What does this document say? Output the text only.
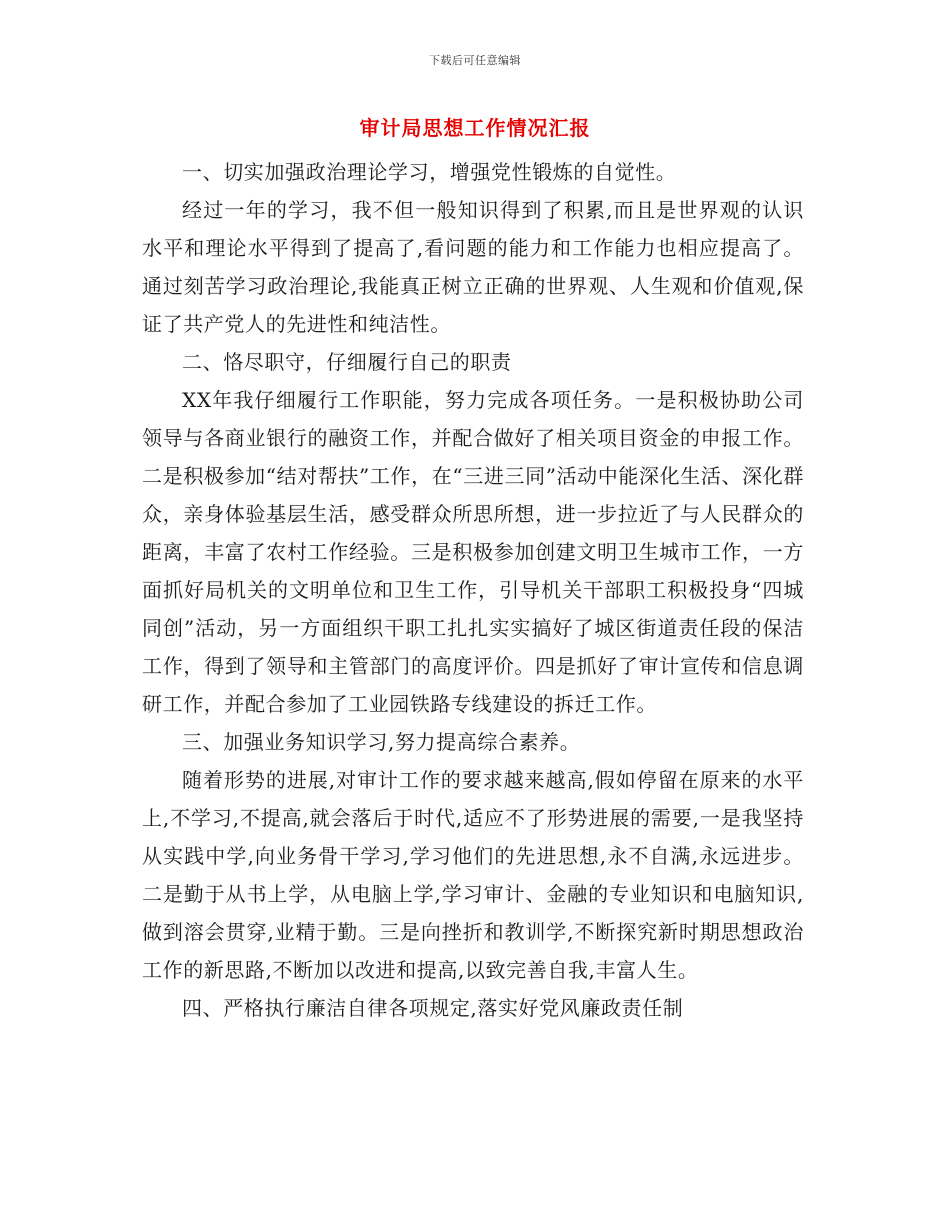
下载后可任意编辑
审计局思想工作情况汇报

一、切实加强政治理论学习，增强党性锻炼的自觉性。

经过一年的学习，我不但一般知识得到了积累,而且是世界观的认识水平和理论水平得到了提高了,看问题的能力和工作能力也相应提高了。通过刻苦学习政治理论,我能真正树立正确的世界观、人生观和价值观,保证了共产党人的先进性和纯洁性。

二、恪尽职守，仔细履行自己的职责

XX年我仔细履行工作职能，努力完成各项任务。一是积极协助公司领导与各商业银行的融资工作，并配合做好了相关项目资金的申报工作。二是积极参加“结对帮扶”工作，在“三进三同”活动中能深化生活、深化群众，亲身体验基层生活，感受群众所思所想，进一步拉近了与人民群众的距离，丰富了农村工作经验。三是积极参加创建文明卫生城市工作，一方面抓好局机关的文明单位和卫生工作，引导机关干部职工积极投身“四城同创”活动，另一方面组织干职工扎扎实实搞好了城区街道责任段的保洁工作，得到了领导和主管部门的高度评价。四是抓好了审计宣传和信息调研工作，并配合参加了工业园铁路专线建设的拆迁工作。

三、加强业务知识学习,努力提高综合素养。

随着形势的进展,对审计工作的要求越来越高,假如停留在原来的水平上,不学习,不提高,就会落后于时代,适应不了形势进展的需要,一是我坚持从实践中学,向业务骨干学习,学习他们的先进思想,永不自满,永远进步。二是勤于从书上学，从电脑上学,学习审计、金融的专业知识和电脑知识,做到溶会贯穿,业精于勤。三是向挫折和教训学,不断探究新时期思想政治工作的新思路,不断加以改进和提高,以致完善自我,丰富人生。

四、严格执行廉洁自律各项规定,落实好党风廉政责任制
